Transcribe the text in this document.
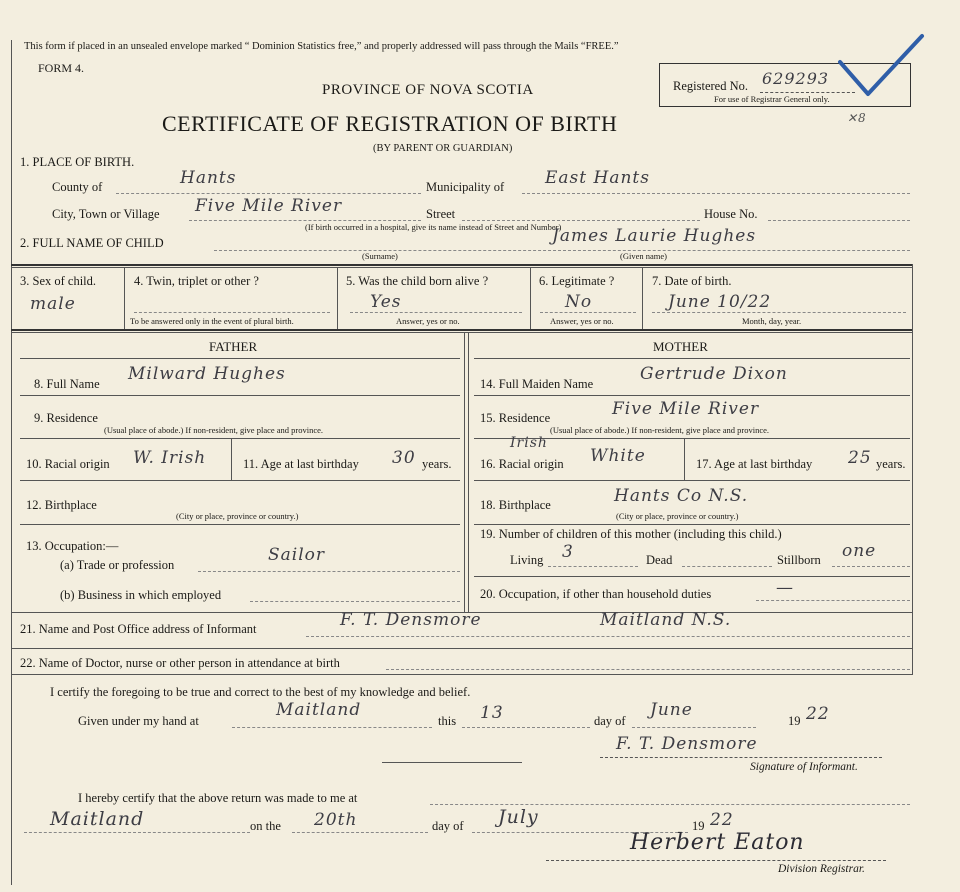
This form if placed in an unsealed envelope marked “ Dominion Statistics free,” and properly addressed will pass through the Mails “FREE.”
FORM 4.
PROVINCE OF NOVA SCOTIA
CERTIFICATE OF REGISTRATION OF BIRTH
(BY PARENT OR GUARDIAN)
Registered No. 629293
For use of Registrar General only.
✕8
1. PLACE OF BIRTH.
County of	Hants	Municipality of East Hants
City, Town or Village Five Mile River	Street	House No.
(If birth occurred in a hospital, give its name instead of Street and Number)
2. FULL NAME OF CHILD	James Laurie Hughes
(Surname)	(Given name)
3. Sex of child.
male
4. Twin, triplet or other ?
To be answered only in the event of plural birth.
5. Was the child born alive ?
Yes
Answer, yes or no.
6. Legitimate ?
No
Answer, yes or no.
7. Date of birth.
June 10/22
Month, day, year.
FATHER	MOTHER
8. Full Name Milward Hughes
9. Residence
(Usual place of abode.) If non-resident, give place and province.
10. Racial origin W. Irish	11. Age at last birthday 30 years.
12. Birthplace
(City or place, province or country.)
13. Occupation:—
(a) Trade or profession	Sailor
(b) Business in which employed
14. Full Maiden Name	Gertrude Dixon
15. Residence	Five Mile River
(Usual place of abode.) If non-resident, give place and province.
Irish
16. Racial origin White	17. Age at last birthday 25 years.
18. Birthplace	Hants Co N.S.
(City or place, province or country.)
19. Number of children of this mother (including this child.)
Living 3	Dead	Stillborn one
20. Occupation, if other than household duties	—
21. Name and Post Office address of Informant	F. T. Densmore	Maitland N.S.
22. Name of Doctor, nurse or other person in attendance at birth
I certify the foregoing to be true and correct to the best of my knowledge and belief.
Given under my hand at
Maitland
this 13	day of
June
19 22
F. T. Densmore
Signature of Informant.
I hereby certify that the above return was made to me at
Maitland	on the 20th	day of July	19 22
Herbert Eaton
Division Registrar.
